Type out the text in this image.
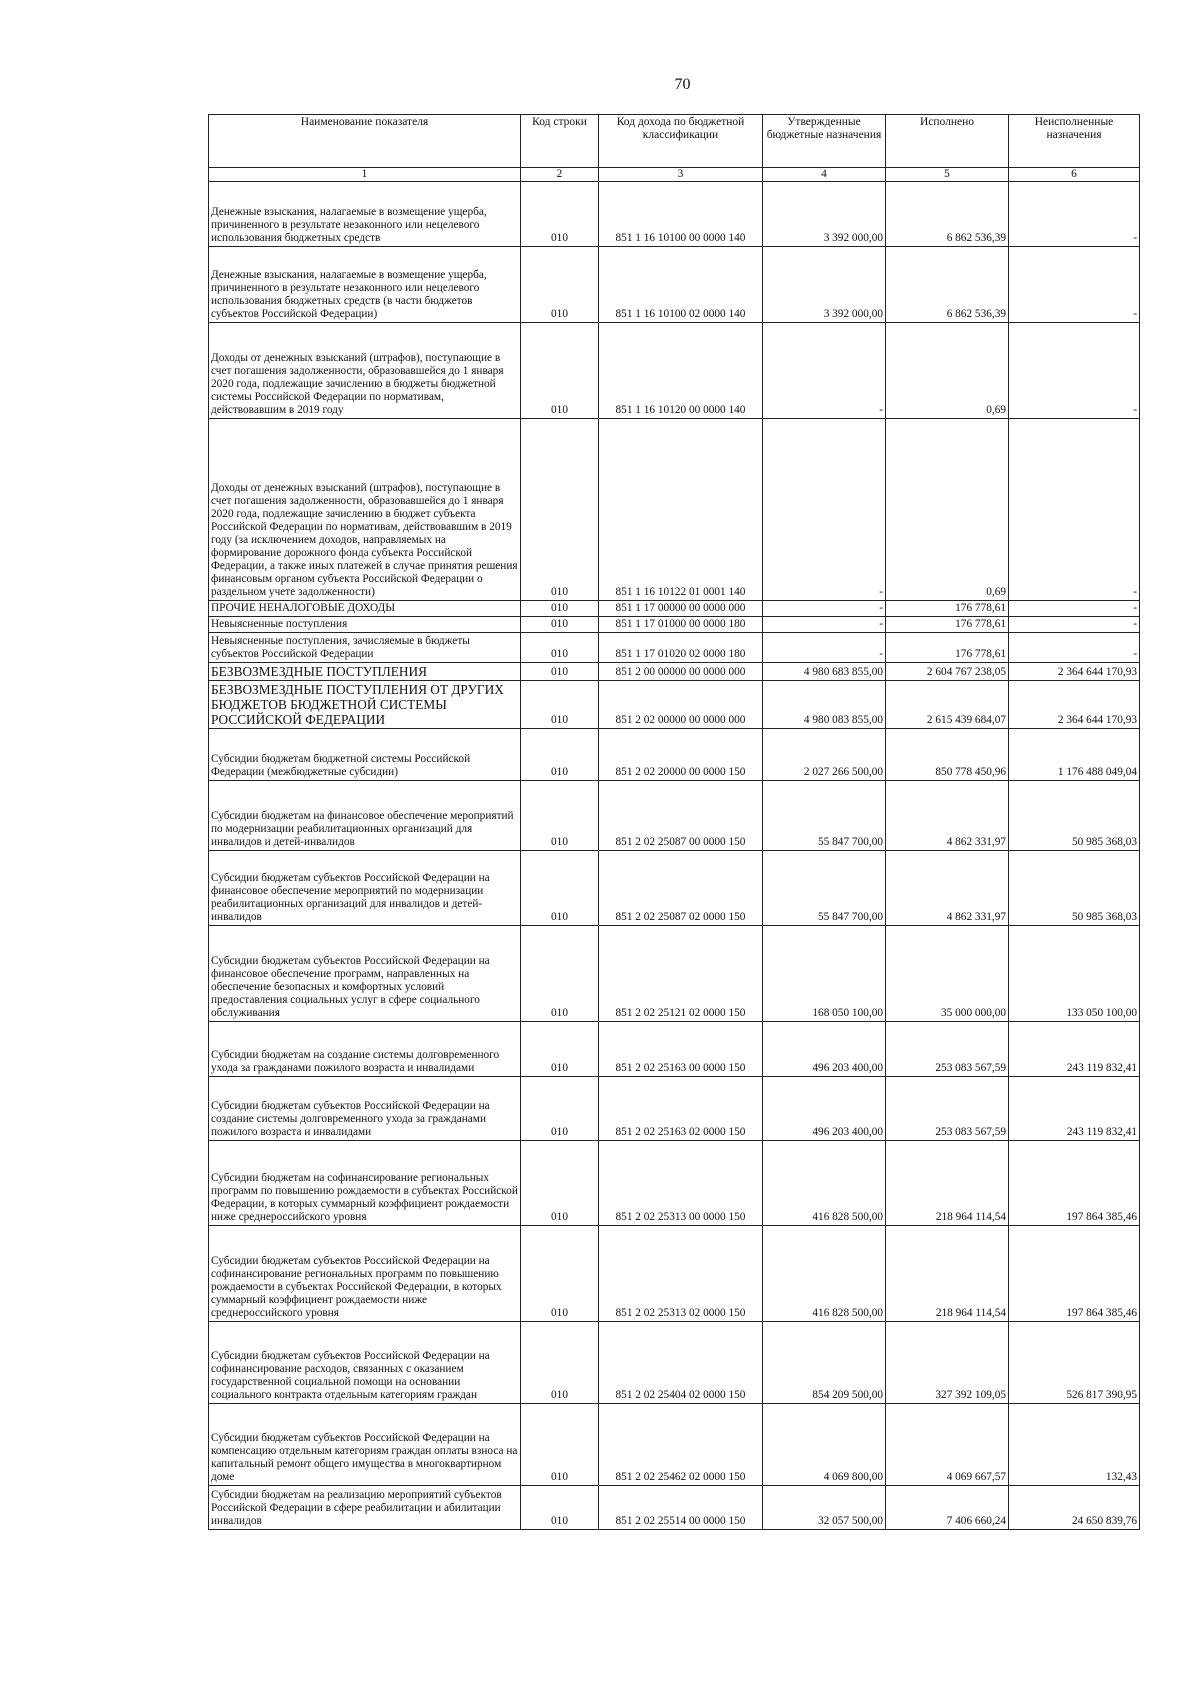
70
Наименование показателя	Код строки	Код дохода по бюджетной классификации	Утвержденные бюджетные назначения	Исполнено	Неисполненные назначения
1	2	3	4	5	6
Денежные взыскания, налагаемые в возмещение ущерба, причиненного в результате незаконного или нецелевого использования бюджетных средств	010	851 1 16 10100 00 0000 140	3 392 000,00	6 862 536,39	-
Денежные взыскания, налагаемые в возмещение ущерба, причиненного в результате незаконного или нецелевого использования бюджетных средств (в части бюджетов субъектов Российской Федерации)	010	851 1 16 10100 02 0000 140	3 392 000,00	6 862 536,39	-
Доходы от денежных взысканий (штрафов), поступающие в счет погашения задолженности, образовавшейся до 1 января 2020 года, подлежащие зачислению в бюджеты бюджетной системы Российской Федерации по нормативам, действовавшим в 2019 году	010	851 1 16 10120 00 0000 140	-	0,69	-
Доходы от денежных взысканий (штрафов), поступающие в счет погашения задолженности, образовавшейся до 1 января 2020 года, подлежащие зачислению в бюджет субъекта Российской Федерации по нормативам, действовавшим в 2019 году (за исключением доходов, направляемых на формирование дорожного фонда субъекта Российской Федерации, а также иных платежей в случае принятия решения финансовым органом субъекта Российской Федерации о раздельном учете задолженности)	010	851 1 16 10122 01 0001 140	-	0,69	-
ПРОЧИЕ НЕНАЛОГОВЫЕ ДОХОДЫ	010	851 1 17 00000 00 0000 000	-	176 778,61	-
Невыясненные поступления	010	851 1 17 01000 00 0000 180	-	176 778,61	-
Невыясненные поступления, зачисляемые в бюджеты субъектов Российской Федерации	010	851 1 17 01020 02 0000 180	-	176 778,61	-
БЕЗВОЗМЕЗДНЫЕ ПОСТУПЛЕНИЯ	010	851 2 00 00000 00 0000 000	4 980 683 855,00	2 604 767 238,05	2 364 644 170,93
БЕЗВОЗМЕЗДНЫЕ ПОСТУПЛЕНИЯ ОТ ДРУГИХ БЮДЖЕТОВ БЮДЖЕТНОЙ СИСТЕМЫ РОССИЙСКОЙ ФЕДЕРАЦИИ	010	851 2 02 00000 00 0000 000	4 980 083 855,00	2 615 439 684,07	2 364 644 170,93
Субсидии бюджетам бюджетной системы Российской Федерации (межбюджетные субсидии)	010	851 2 02 20000 00 0000 150	2 027 266 500,00	850 778 450,96	1 176 488 049,04
Субсидии бюджетам на финансовое обеспечение мероприятий по модернизации реабилитационных организаций для инвалидов и детей-инвалидов	010	851 2 02 25087 00 0000 150	55 847 700,00	4 862 331,97	50 985 368,03
Субсидии бюджетам субъектов Российской Федерации на финансовое обеспечение мероприятий по модернизации реабилитационных организаций для инвалидов и детей-инвалидов	010	851 2 02 25087 02 0000 150	55 847 700,00	4 862 331,97	50 985 368,03
Субсидии бюджетам субъектов Российской Федерации на финансовое обеспечение программ, направленных на обеспечение безопасных и комфортных условий предоставления социальных услуг в сфере социального обслуживания	010	851 2 02 25121 02 0000 150	168 050 100,00	35 000 000,00	133 050 100,00
Субсидии бюджетам на создание системы долговременного ухода за гражданами пожилого возраста и инвалидами	010	851 2 02 25163 00 0000 150	496 203 400,00	253 083 567,59	243 119 832,41
Субсидии бюджетам субъектов Российской Федерации на создание системы долговременного ухода за гражданами пожилого возраста и инвалидами	010	851 2 02 25163 02 0000 150	496 203 400,00	253 083 567,59	243 119 832,41
Субсидии бюджетам на софинансирование региональных программ по повышению рождаемости в субъектах Российской Федерации, в которых суммарный коэффициент рождаемости ниже среднероссийского уровня	010	851 2 02 25313 00 0000 150	416 828 500,00	218 964 114,54	197 864 385,46
Субсидии бюджетам субъектов Российской Федерации на софинансирование региональных программ по повышению рождаемости в субъектах Российской Федерации, в которых суммарный коэффициент рождаемости ниже среднероссийского уровня	010	851 2 02 25313 02 0000 150	416 828 500,00	218 964 114,54	197 864 385,46
Субсидии бюджетам субъектов Российской Федерации на софинансирование расходов, связанных с оказанием государственной социальной помощи на основании социального контракта отдельным категориям граждан	010	851 2 02 25404 02 0000 150	854 209 500,00	327 392 109,05	526 817 390,95
Субсидии бюджетам субъектов Российской Федерации на компенсацию отдельным категориям граждан оплаты взноса на капитальный ремонт общего имущества в многоквартирном доме	010	851 2 02 25462 02 0000 150	4 069 800,00	4 069 667,57	132,43
Субсидии бюджетам на реализацию мероприятий субъектов Российской Федерации в сфере реабилитации и абилитации инвалидов	010	851 2 02 25514 00 0000 150	32 057 500,00	7 406 660,24	24 650 839,76
